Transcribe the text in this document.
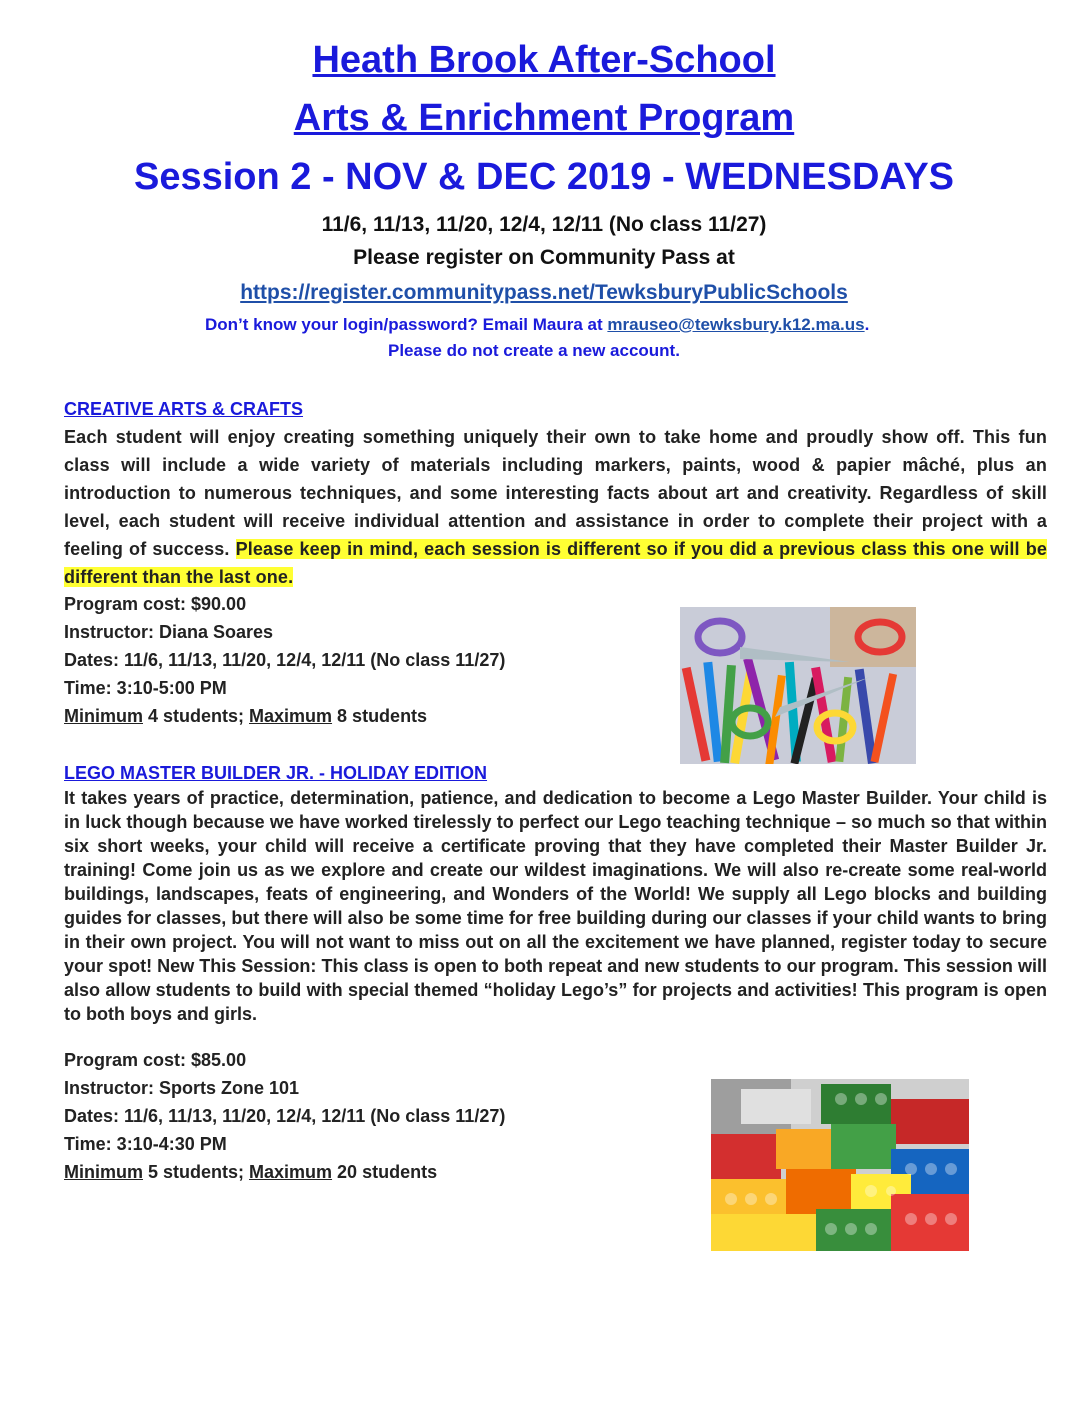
Heath Brook After-School
Arts & Enrichment Program
Session 2 - NOV & DEC 2019 - WEDNESDAYS
11/6, 11/13, 11/20, 12/4, 12/11 (No class 11/27)
Please register on Community Pass at
https://register.communitypass.net/TewksburyPublicSchools
Don’t know your login/password? Email Maura at mrauseo@tewksbury.k12.ma.us.
Please do not create a new account.
CREATIVE ARTS & CRAFTS
Each student will enjoy creating something uniquely their own to take home and proudly show off. This fun class will include a wide variety of materials including markers, paints, wood & papier mâché, plus an introduction to numerous techniques, and some interesting facts about art and creativity. Regardless of skill level, each student will receive individual attention and assistance in order to complete their project with a feeling of success. Please keep in mind, each session is different so if you did a previous class this one will be different than the last one.
Program cost: $90.00
Instructor: Diana Soares
Dates: 11/6, 11/13, 11/20, 12/4, 12/11 (No class 11/27)
Time: 3:10-5:00 PM
Minimum 4 students; Maximum 8 students
LEGO MASTER BUILDER JR. - HOLIDAY EDITION
It takes years of practice, determination, patience, and dedication to become a Lego Master Builder. Your child is in luck though because we have worked tirelessly to perfect our Lego teaching technique – so much so that within six short weeks, your child will receive a certificate proving that they have completed their Master Builder Jr. training! Come join us as we explore and create our wildest imaginations. We will also re-create some real-world buildings, landscapes, feats of engineering, and Wonders of the World! We supply all Lego blocks and building guides for classes, but there will also be some time for free building during our classes if your child wants to bring in their own project. You will not want to miss out on all the excitement we have planned, register today to secure your spot! New This Session: This class is open to both repeat and new students to our program. This session will also allow students to build with special themed “holiday Lego’s” for projects and activities! This program is open to both boys and girls.
Program cost: $85.00
Instructor: Sports Zone 101
Dates: 11/6, 11/13, 11/20, 12/4, 12/11 (No class 11/27)
Time: 3:10-4:30 PM
Minimum 5 students; Maximum 20 students
